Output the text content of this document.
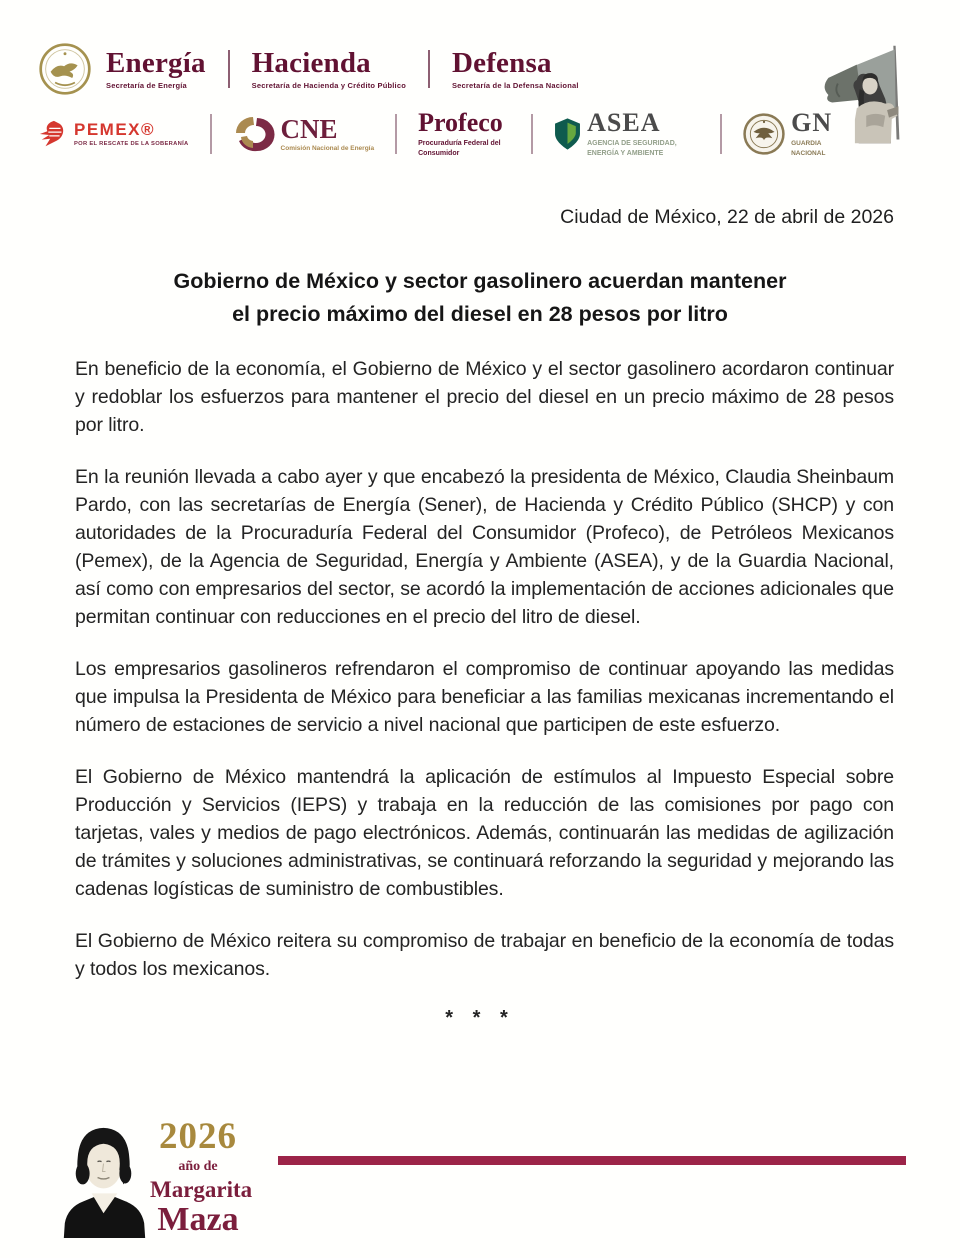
Energía
Secretaría de Energía
Hacienda
Secretaría de Hacienda y Crédito Público
Defensa
Secretaría de la Defensa Nacional
PEMEX®
POR EL RESCATE DE LA SOBERANÍA	CNE
Comisión Nacional de Energía
Profeco
Procuraduría Federal del Consumidor
ASEA
AGENCIA DE SEGURIDAD, ENERGÍA Y AMBIENTE
GN
GUARDIA NACIONAL
Ciudad de México, 22 de abril de 2026
Gobierno de México y sector gasolinero acuerdan mantener
el precio máximo del diesel en 28 pesos por litro

En beneficio de la economía, el Gobierno de México y el sector gasolinero acordaron continuar y redoblar los esfuerzos para mantener el precio del diesel en un precio máximo de 28 pesos por litro.

En la reunión llevada a cabo ayer y que encabezó la presidenta de México, Claudia Sheinbaum Pardo, con las secretarías de Energía (Sener), de Hacienda y Crédito Público (SHCP) y con autoridades de la Procuraduría Federal del Consumidor (Profeco), de Petróleos Mexicanos (Pemex), de la Agencia de Seguridad, Energía y Ambiente (ASEA), y de la Guardia Nacional, así como con empresarios del sector, se acordó la implementación de acciones adicionales que permitan continuar con reducciones en el precio del litro de diesel.

Los empresarios gasolineros refrendaron el compromiso de continuar apoyando las medidas que impulsa la Presidenta de México para beneficiar a las familias mexicanas incrementando el número de estaciones de servicio a nivel nacional que participen de este esfuerzo.

El Gobierno de México mantendrá la aplicación de estímulos al Impuesto Especial sobre Producción y Servicios (IEPS) y trabaja en la reducción de las comisiones por pago con tarjetas, vales y medios de pago electrónicos. Además, continuarán las medidas de agilización de trámites y soluciones administrativas, se continuará reforzando la seguridad y mejorando las cadenas logísticas de suministro de combustibles.

El Gobierno de México reitera su compromiso de trabajar en beneficio de la economía de todas y todos los mexicanos.

* * *
2026
año de
Margarita
Maza
